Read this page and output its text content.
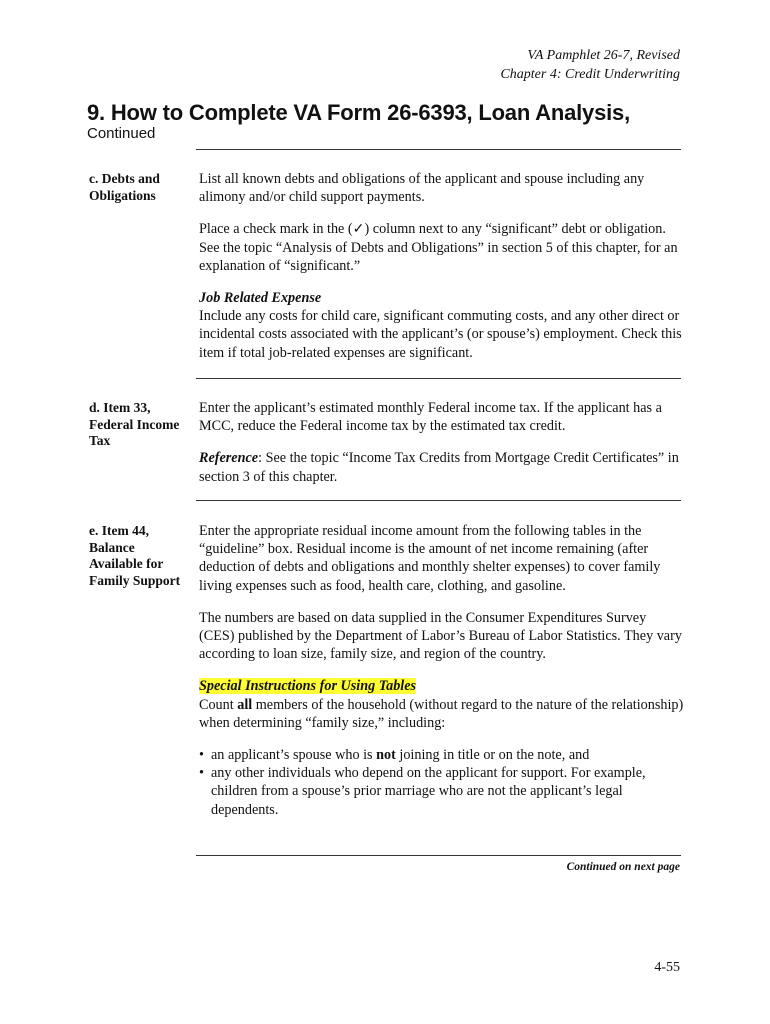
VA Pamphlet 26-7, Revised
Chapter 4: Credit Underwriting
9. How to Complete VA Form 26-6393, Loan Analysis,
Continued
c. Debts and
Obligations

List all known debts and obligations of the applicant and spouse including any alimony and/or child support payments.

Place a check mark in the (✓) column next to any “significant” debt or obligation. See the topic “Analysis of Debts and Obligations” in section 5 of this chapter, for an explanation of “significant.”

Job Related Expense

Include any costs for child care, significant commuting costs, and any other direct or incidental costs associated with the applicant’s (or spouse’s) employment. Check this item if total job-related expenses are significant.

d. Item 33,
Federal Income
Tax

Enter the applicant’s estimated monthly Federal income tax. If the applicant has a MCC, reduce the Federal income tax by the estimated tax credit.

Reference: See the topic “Income Tax Credits from Mortgage Credit Certificates” in section 3 of this chapter.

e. Item 44,
Balance
Available for
Family Support

Enter the appropriate residual income amount from the following tables in the “guideline” box. Residual income is the amount of net income remaining (after deduction of debts and obligations and monthly shelter expenses) to cover family living expenses such as food, health care, clothing, and gasoline.

The numbers are based on data supplied in the Consumer Expenditures Survey (CES) published by the Department of Labor’s Bureau of Labor Statistics. They vary according to loan size, family size, and region of the country.

Special Instructions for Using Tables

Count all members of the household (without regard to the nature of the relationship) when determining “family size,” including:

• an applicant’s spouse who is not joining in title or on the note, and
• any other individuals who depend on the applicant for support. For example, children from a spouse’s prior marriage who are not the applicant’s legal dependents.
Continued on next page
4-55
